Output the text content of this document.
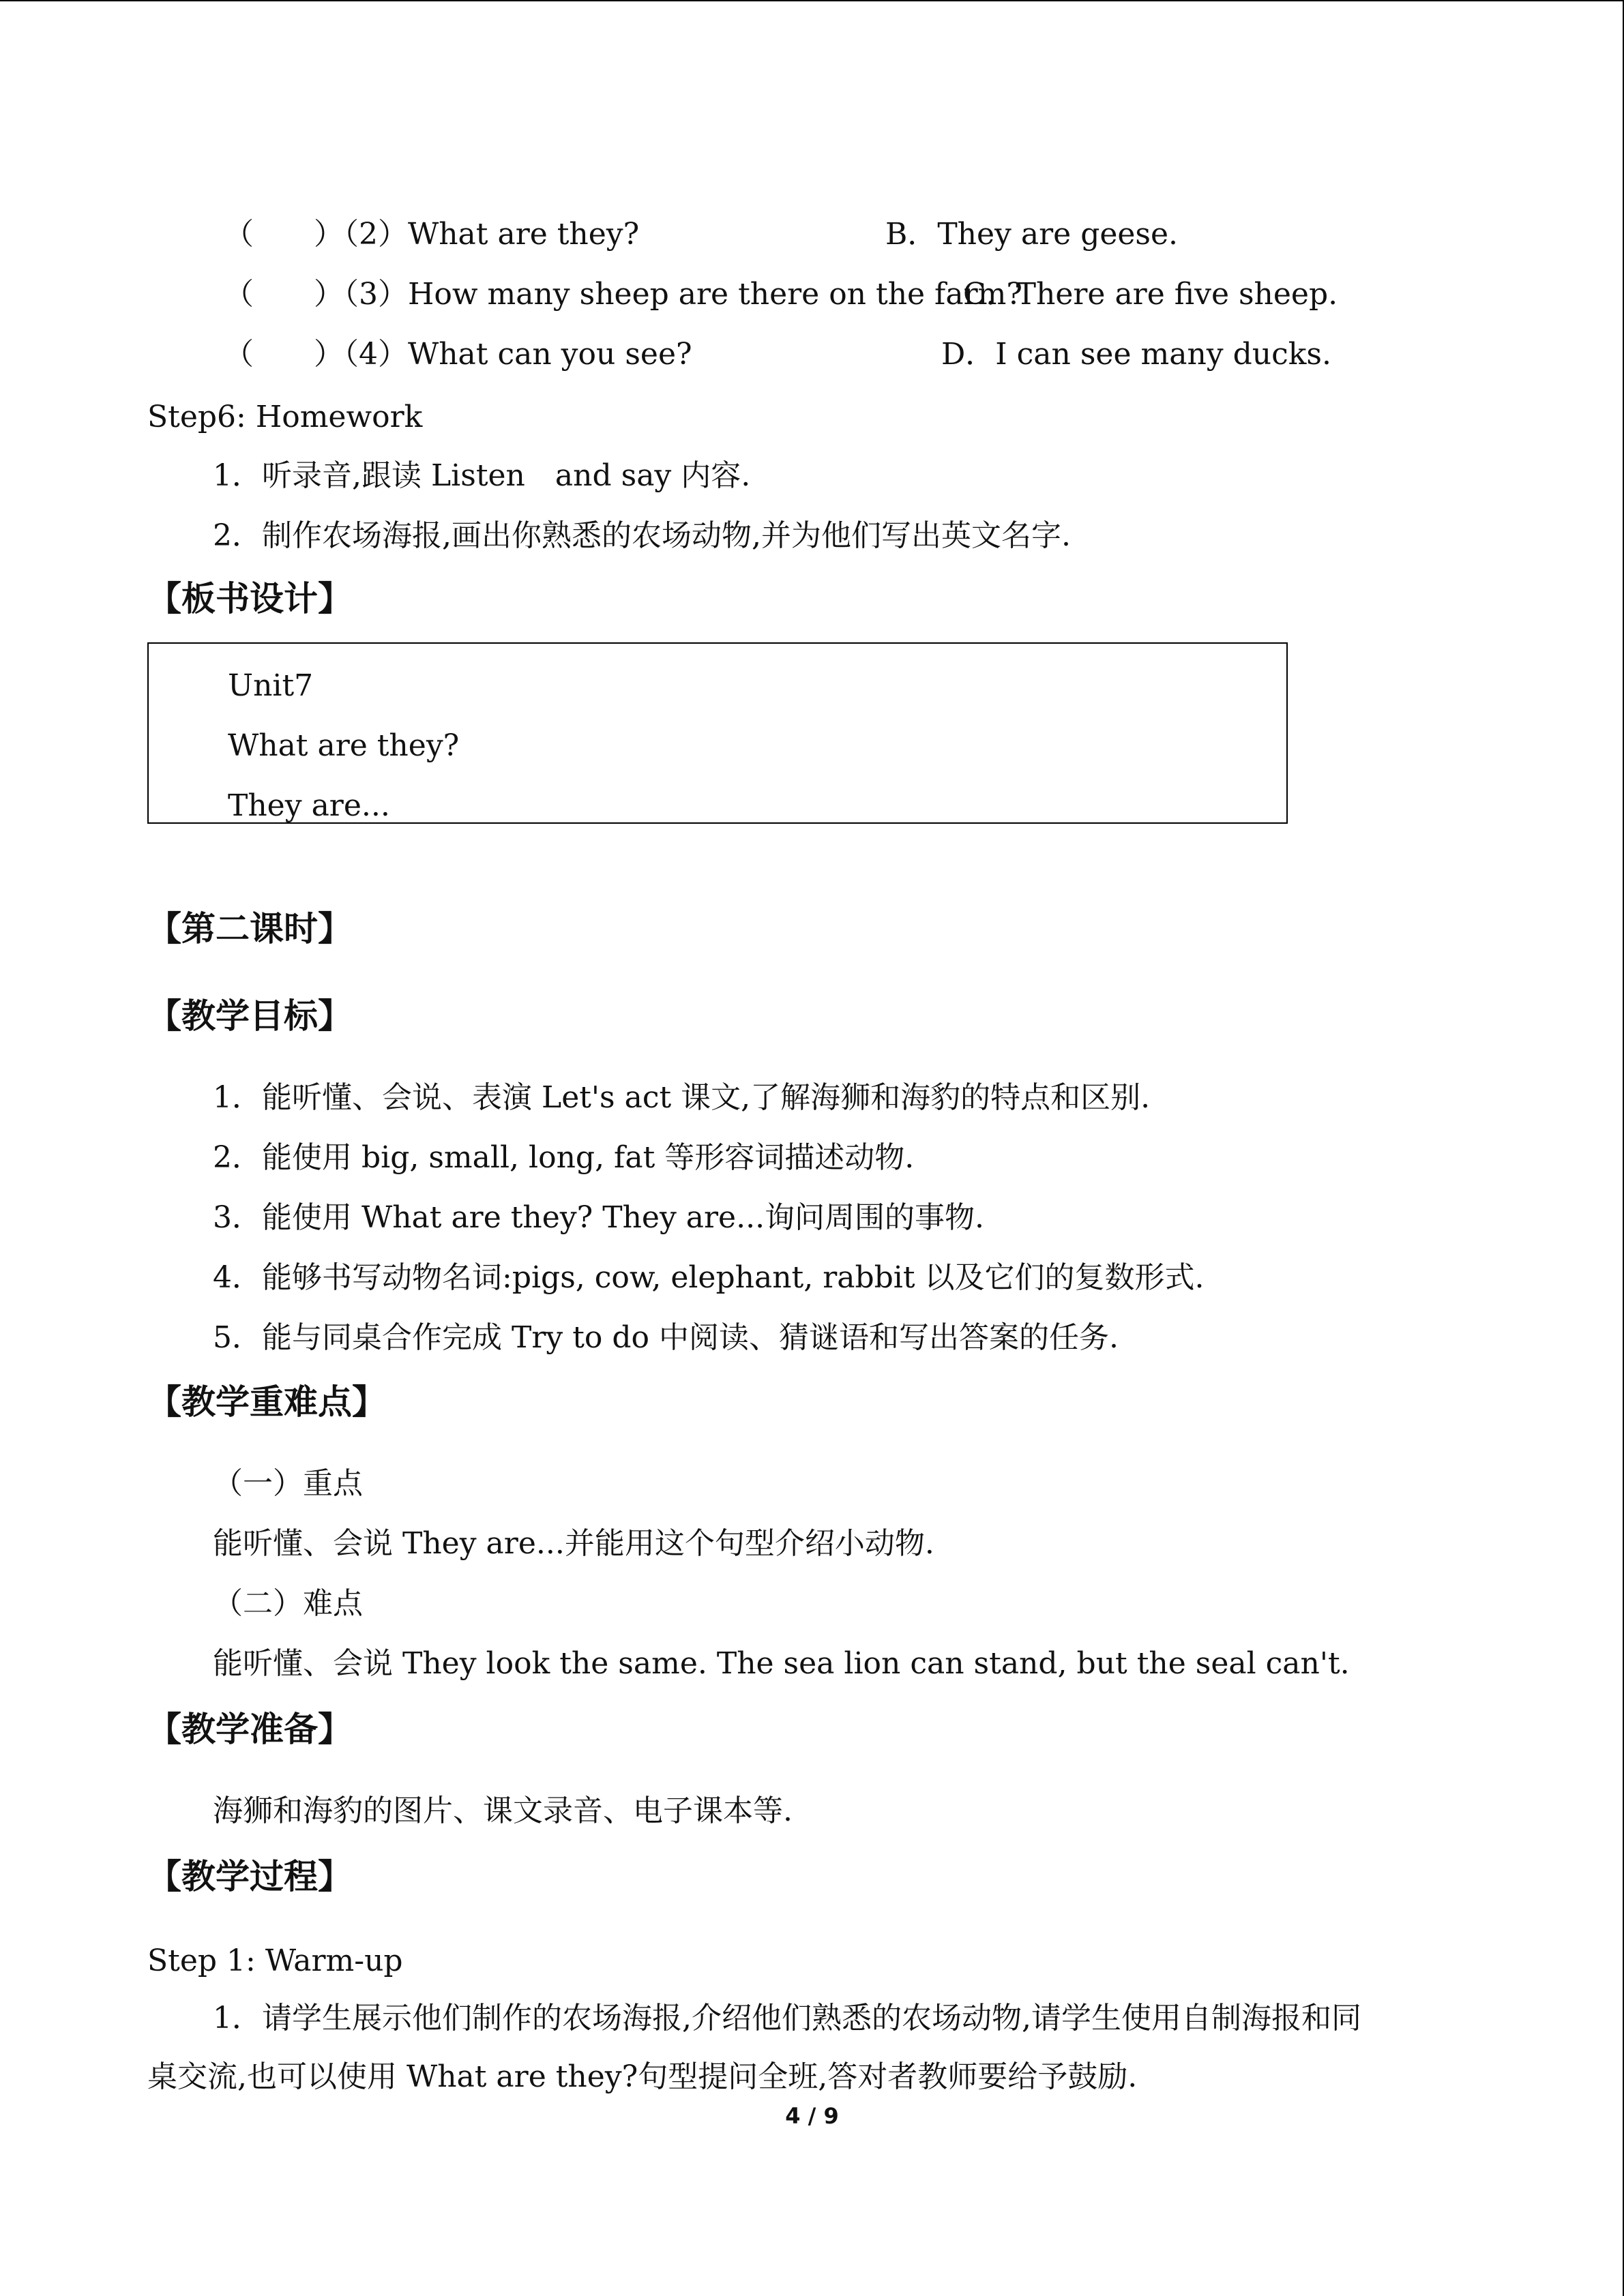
（　　）（2）What are they?	B．They are geese.
（　　）（3）How many sheep are there on the farm?
C．There are five sheep.
（　　）（4）What can you see?	D．I can see many ducks.
Step6: Homework
1．听录音,跟读 Listen　and say 内容.
2．制作农场海报,画出你熟悉的农场动物,并为他们写出英文名字.
【板书设计】
Unit7
What are they?
They are...
【第二课时】
【教学目标】
1．能听懂、会说、表演 Let's act 课文,了解海狮和海豹的特点和区别.
2．能使用 big, small, long, fat 等形容词描述动物.
3．能使用 What are they? They are...询问周围的事物.
4．能够书写动物名词:pigs, cow, elephant, rabbit 以及它们的复数形式.
5．能与同桌合作完成 Try to do 中阅读、猜谜语和写出答案的任务.
【教学重难点】
（一）重点
能听懂、会说 They are...并能用这个句型介绍小动物.
（二）难点
能听懂、会说 They look the same. The sea lion can stand, but the seal can't.
【教学准备】
海狮和海豹的图片、课文录音、电子课本等.
【教学过程】
Step 1: Warm-up
1．请学生展示他们制作的农场海报,介绍他们熟悉的农场动物,请学生使用自制海报和同
桌交流,也可以使用 What are they?句型提问全班,答对者教师要给予鼓励.
4 / 9
